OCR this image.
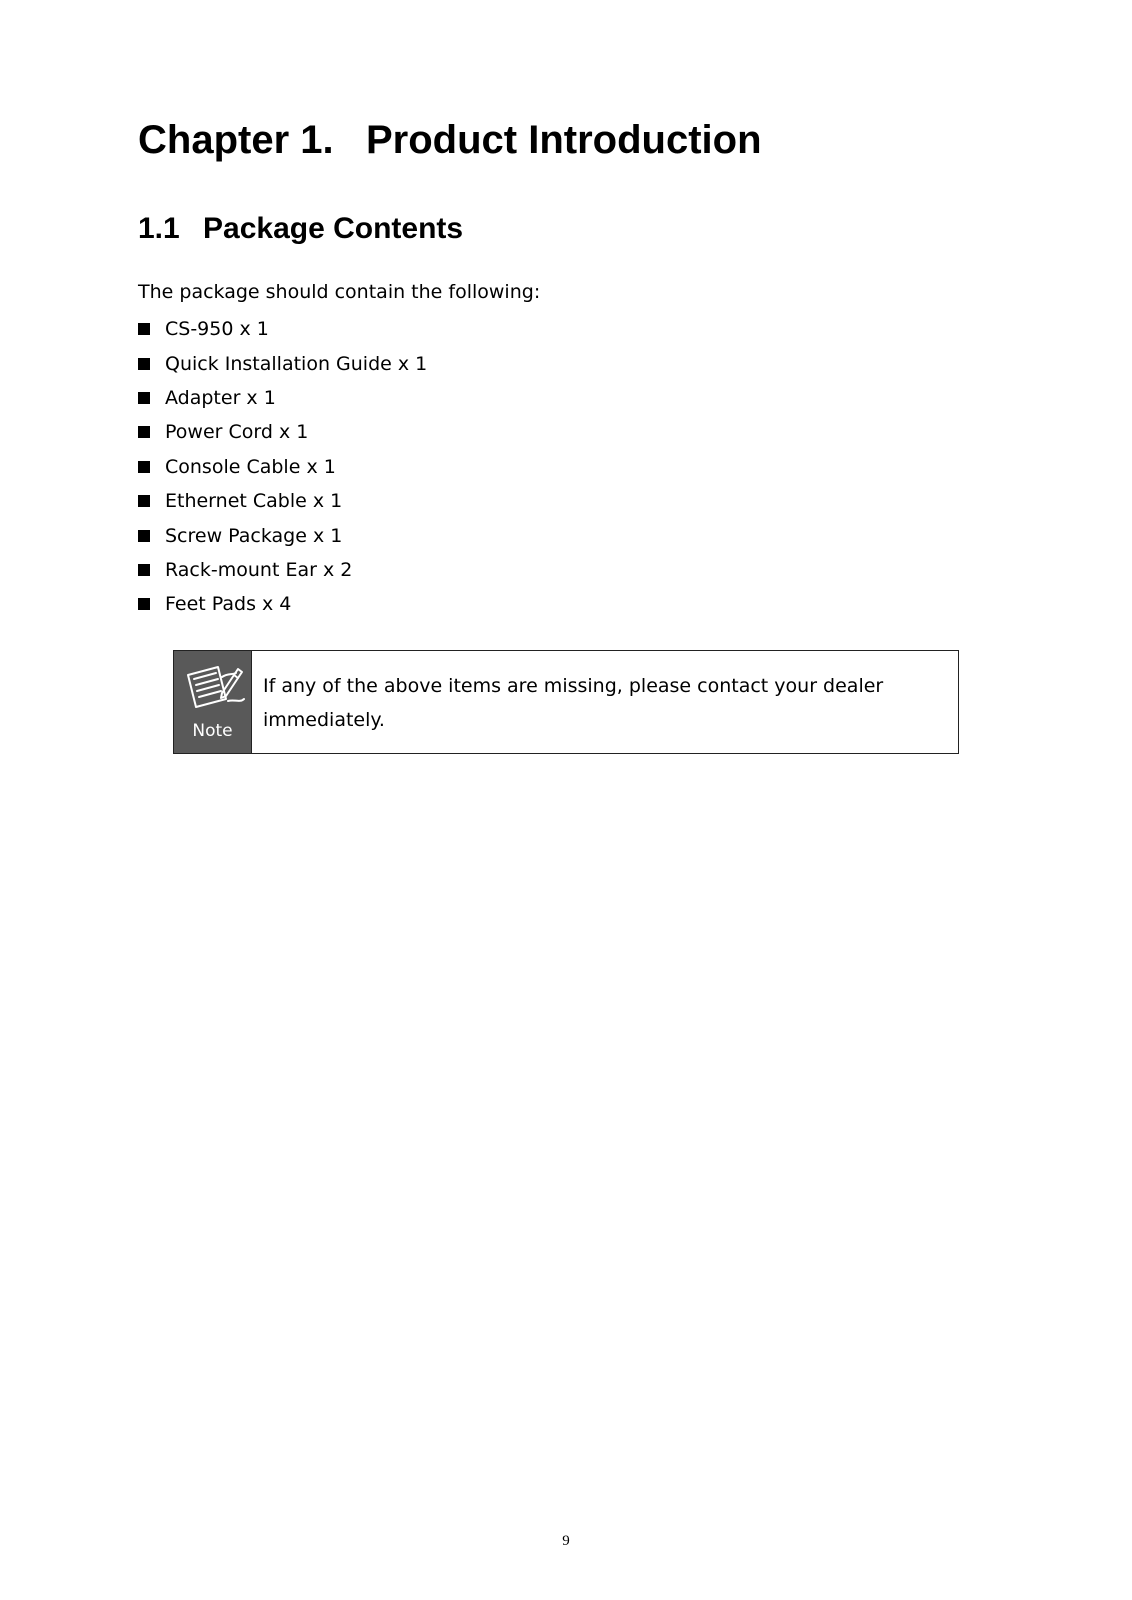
Chapter 1. Product Introduction
1.1 Package Contents

The package should contain the following:

CS-950 x 1
Quick Installation Guide x 1
Adapter x 1
Power Cord x 1
Console Cable x 1
Ethernet Cable x 1
Screw Package x 1
Rack-mount Ear x 2
Feet Pads x 4
Note
If any of the above items are missing, please contact your dealer immediately.
9
